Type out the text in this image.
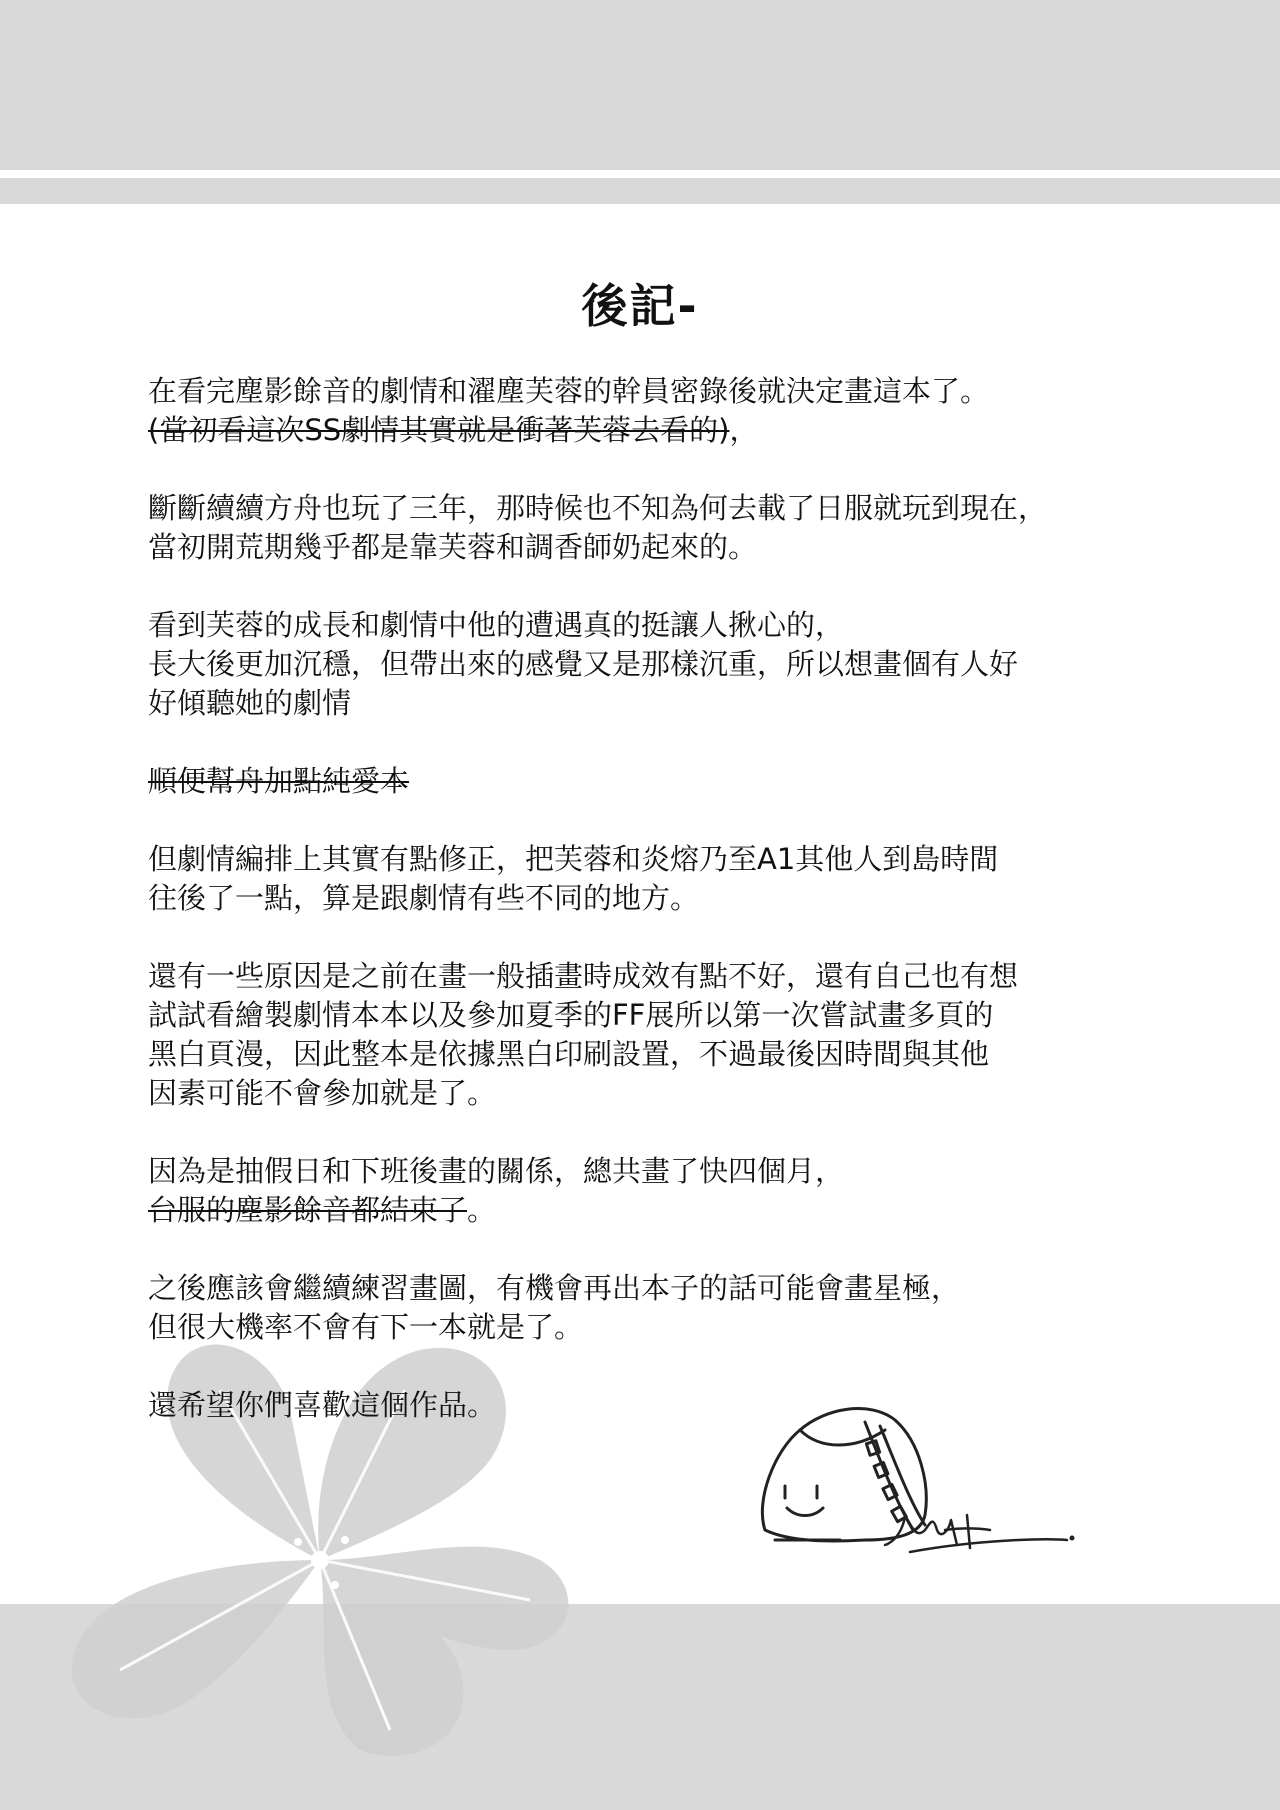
後記-
在看完塵影餘音的劇情和濯塵芙蓉的幹員密錄後就決定畫這本了。
(當初看這次SS劇情其實就是衝著芙蓉去看的)，
斷斷續續方舟也玩了三年，那時候也不知為何去載了日服就玩到現在，
當初開荒期幾乎都是靠芙蓉和調香師奶起來的。
看到芙蓉的成長和劇情中他的遭遇真的挺讓人揪心的，
長大後更加沉穩，但帶出來的感覺又是那樣沉重，所以想畫個有人好
好傾聽她的劇情
順便幫舟加點純愛本
但劇情編排上其實有點修正，把芙蓉和炎熔乃至A1其他人到島時間
往後了一點，算是跟劇情有些不同的地方。
還有一些原因是之前在畫一般插畫時成效有點不好，還有自己也有想
試試看繪製劇情本本以及參加夏季的FF展所以第一次嘗試畫多頁的
黑白頁漫，因此整本是依據黑白印刷設置，不過最後因時間與其他
因素可能不會參加就是了。
因為是抽假日和下班後畫的關係，總共畫了快四個月，
台服的塵影餘音都結束了。
之後應該會繼續練習畫圖，有機會再出本子的話可能會畫星極，
但很大機率不會有下一本就是了。
還希望你們喜歡這個作品。
